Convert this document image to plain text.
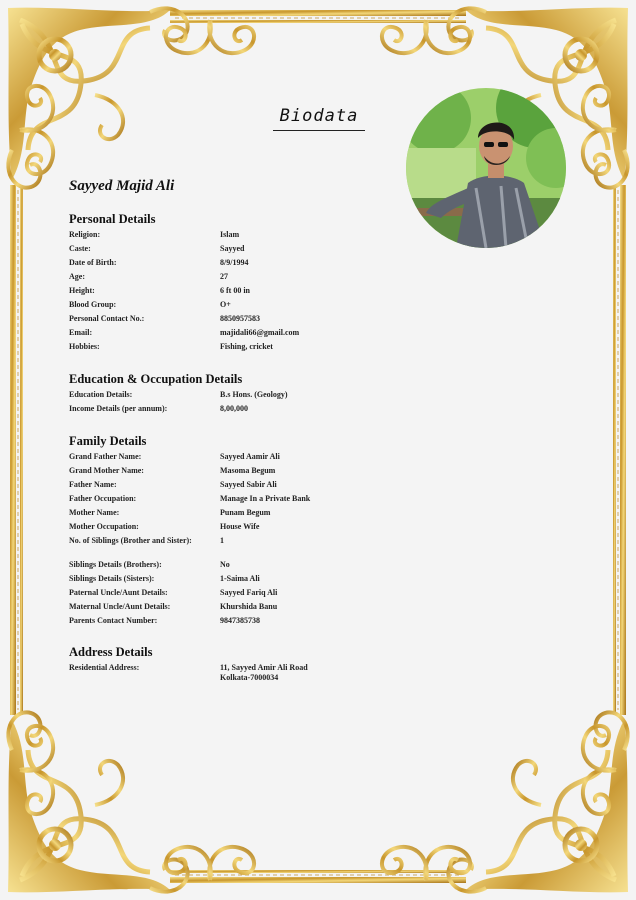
Biodata
Sayyed Majid Ali
Personal Details
Religion:	Islam
Caste:	Sayyed
Date of Birth:	8/9/1994
Age:	27
Height:	6 ft 00 in
Blood Group:	O+
Personal Contact No.:	8850957583
Email:	majidali66@gmail.com
Hobbies:	Fishing, cricket
Education & Occupation Details
Education Details:	B.s Hons. (Geology)
Income Details (per annum):	8,00,000
Family Details
Grand Father Name:	Sayyed Aamir Ali
Grand Mother Name:	Masoma Begum
Father Name:	Sayyed Sabir Ali
Father Occupation:	Manage In a Private Bank
Mother Name:	Punam Begum
Mother Occupation:	House Wife
No. of Siblings (Brother and Sister):	1
Siblings Details (Brothers):	No
Siblings Details (Sisters):	1-Saima Ali
Paternal Uncle/Aunt Details:	Sayyed Fariq Ali
Maternal Uncle/Aunt Details:	Khurshida Banu
Parents Contact Number:	9847385738
Address Details
Residential Address:	11, Sayyed Amir Ali Road
Kolkata-7000034
